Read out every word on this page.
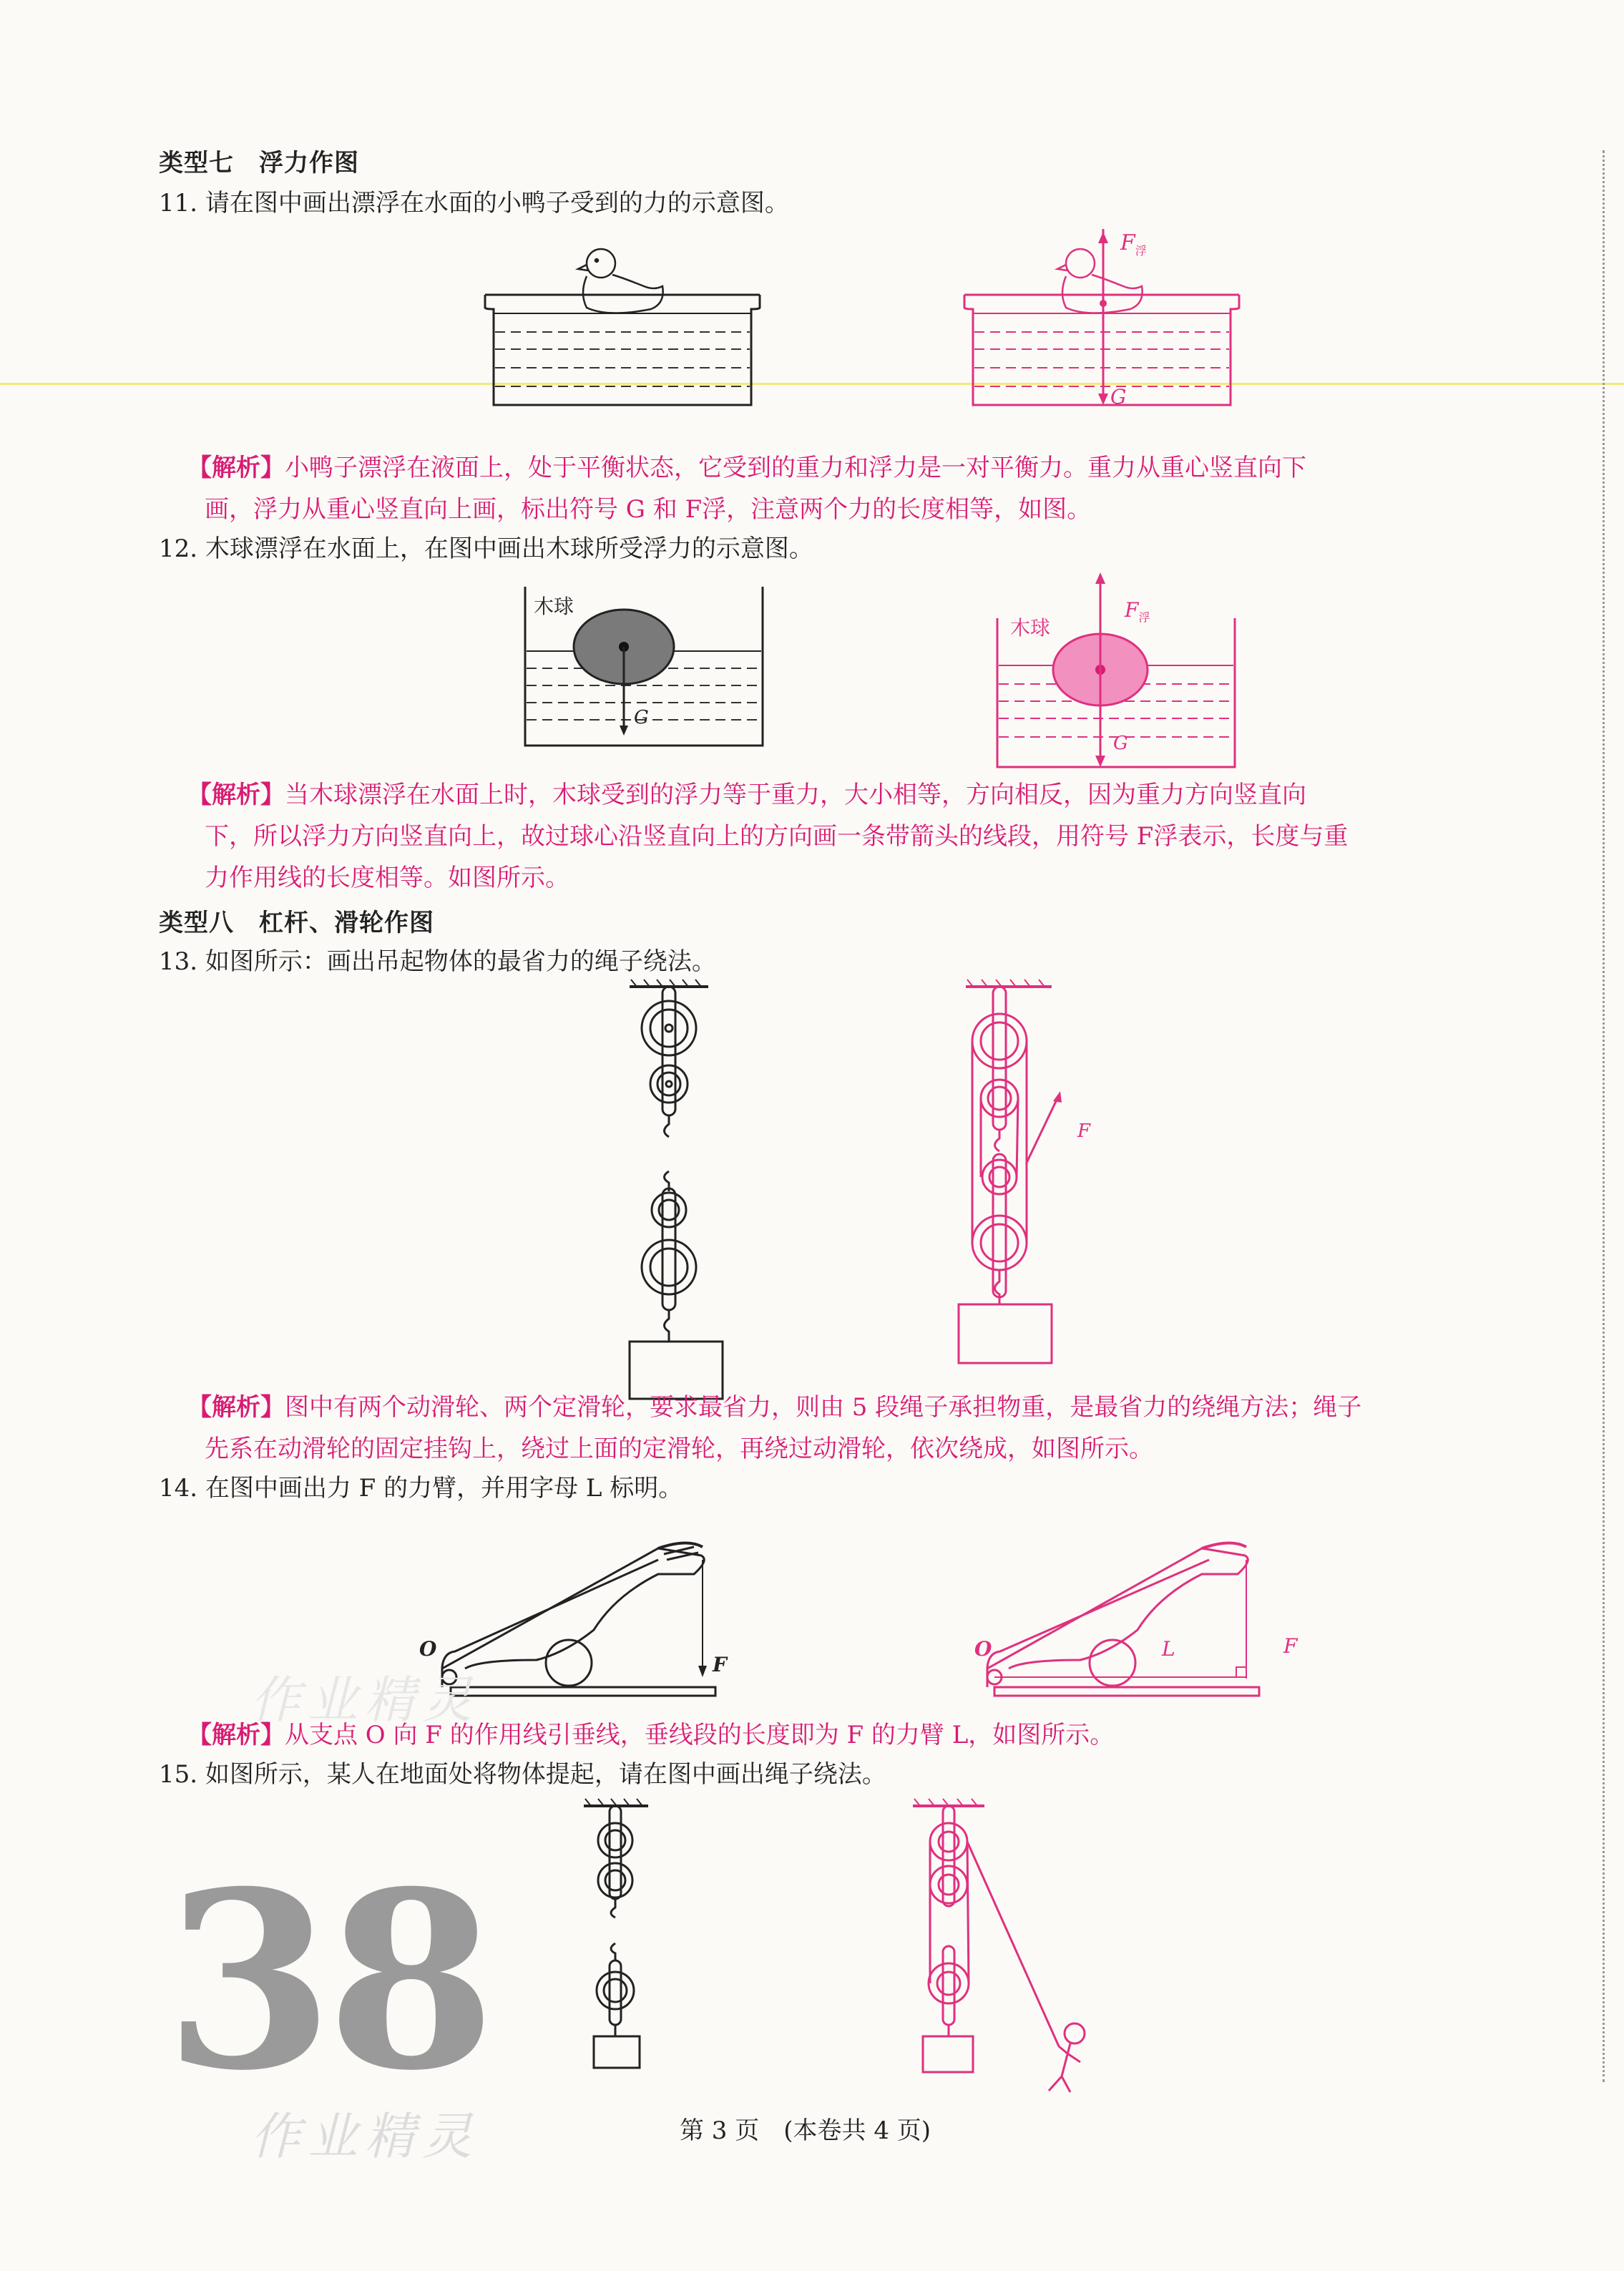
类型七　浮力作图
11. 请在图中画出漂浮在水面的小鸭子受到的力的示意图。
$F_浮$
G
【解析】小鸭子漂浮在液面上，处于平衡状态，它受到的重力和浮力是一对平衡力。重力从重心竖直向下
画，浮力从重心竖直向上画，标出符号 G 和 F浮，注意两个力的长度相等，如图。
12. 木球漂浮在水面上，在图中画出木球所受浮力的示意图。
木球
G
木球
$F_浮$
G
【解析】当木球漂浮在水面上时，木球受到的浮力等于重力，大小相等，方向相反，因为重力方向竖直向
下，所以浮力方向竖直向上，故过球心沿竖直向上的方向画一条带箭头的线段，用符号 F浮表示，长度与重
力作用线的长度相等。如图所示。
类型八　杠杆、滑轮作图
13. 如图所示：画出吊起物体的最省力的绳子绕法。
F
【解析】图中有两个动滑轮、两个定滑轮，要求最省力，则由 5 段绳子承担物重，是最省力的绕绳方法；绳子
先系在动滑轮的固定挂钩上，绕过上面的定滑轮，再绕过动滑轮，依次绕成，如图所示。
14. 在图中画出力 F 的力臂，并用字母 L 标明。
O
F
O	L	F
作业精灵
【解析】从支点 O 向 F 的作用线引垂线，垂线段的长度即为 F 的力臂 L，如图所示。
15. 如图所示，某人在地面处将物体提起，请在图中画出绳子绕法。
38
作业精灵	第 3 页　(本卷共 4 页)
